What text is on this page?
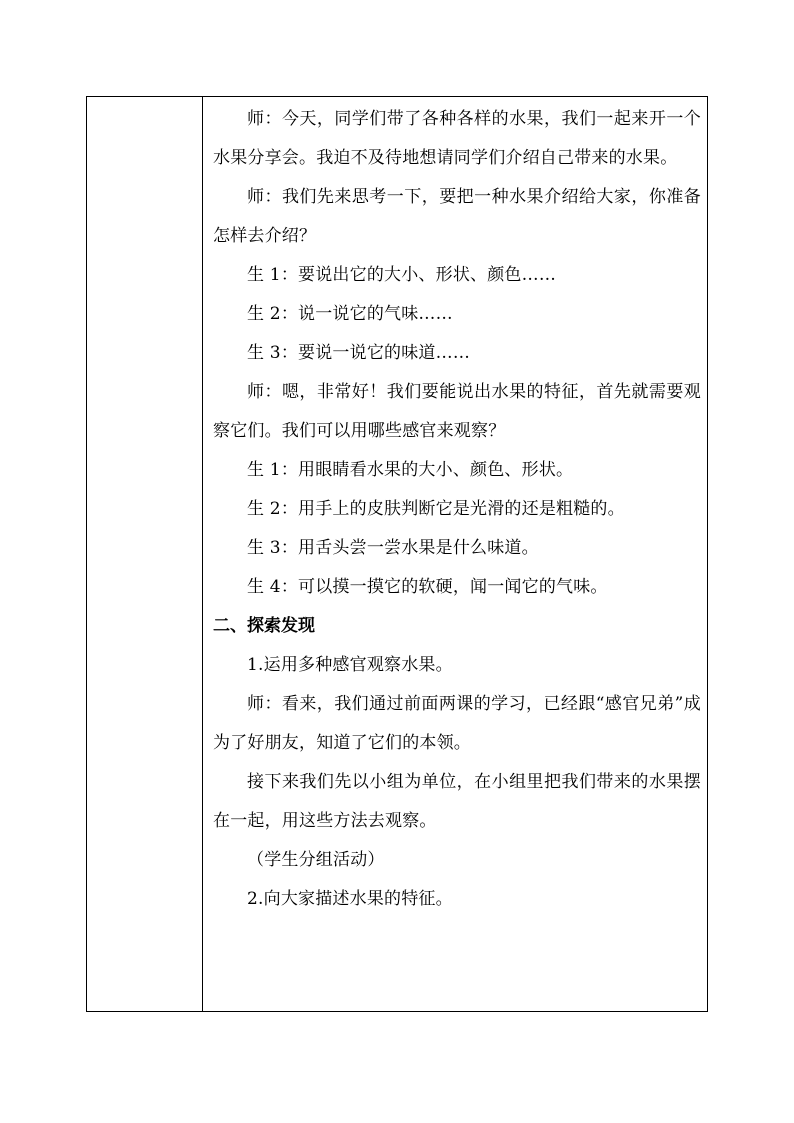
师：今天，同学们带了各种各样的水果，我们一起来开一个水果分享会。我迫不及待地想请同学们介绍自己带来的水果。

师：我们先来思考一下，要把一种水果介绍给大家，你准备怎样去介绍？

生 1：要说出它的大小、形状、颜色……

生 2：说一说它的气味……

生 3：要说一说它的味道……

师：嗯，非常好！我们要能说出水果的特征，首先就需要观察它们。我们可以用哪些感官来观察？

生 1：用眼睛看水果的大小、颜色、形状。

生 2：用手上的皮肤判断它是光滑的还是粗糙的。

生 3：用舌头尝一尝水果是什么味道。

生 4：可以摸一摸它的软硬，闻一闻它的气味。

二、探索发现

1.运用多种感官观察水果。

师：看来，我们通过前面两课的学习，已经跟“感官兄弟”成为了好朋友，知道了它们的本领。

接下来我们先以小组为单位，在小组里把我们带来的水果摆在一起，用这些方法去观察。

（学生分组活动）

2.向大家描述水果的特征。
